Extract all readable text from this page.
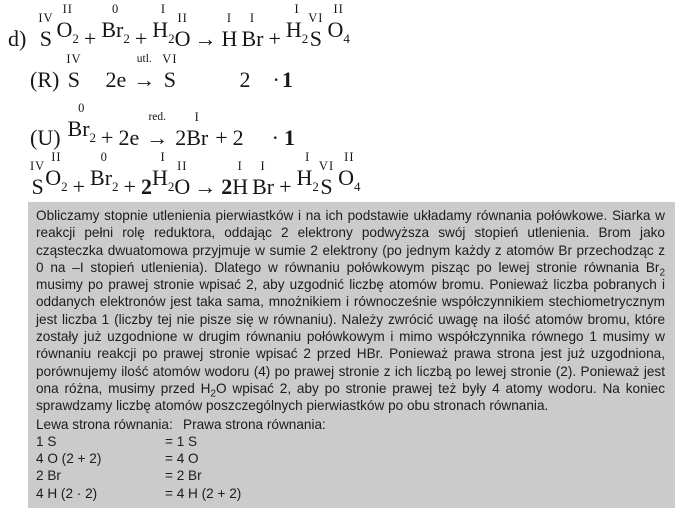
d)
IV
S
II
$O_2$
+
0
$Br_2$
+
I
$H_2$
II
O
→
I
H
I
Br
+
I
$H_2$
VI
S
II
$O_4$

(R)
IV
S
2e
utl.
→
VI
S
	2
·

1

(U)
0
$Br_2$
+
2e
red.
→
2
I
Br
+
2
·
1
IV
S
II
$O_2$
+
0
$Br_2$
+
2
I
$H_2$
II
O
→
2
I
H
I
Br
+
I
$H_2$
VI
S
II
$O_4$

Obliczamy stopnie utlenienia pierwiastków i na ich podstawie układamy równania połówkowe. Siarka w reakcji pełni rolę reduktora, oddając 2 elektrony podwyższa swój stopień utlenienia. Brom jako cząsteczka dwuatomowa przyjmuje w sumie 2 elektrony (po jednym każdy z atomów Br przechodząc z 0 na –I stopień utlenienia). Dlatego w równaniu połówkowym pisząc po lewej stronie równania $Br_2$ musimy po prawej stronie wpisać 2, aby uzgodnić liczbę atomów bromu. Ponieważ liczba pobranych i oddanych elektronów jest taka sama, mnożnikiem i równocześnie współczynnikiem stechiometrycznym jest liczba 1 (liczby tej nie pisze się w równaniu). Należy zwrócić uwagę na ilość atomów bromu, które zostały już uzgodnione w drugim równaniu połówkowym i mimo współczynnika równego 1 musimy w równaniu reakcji po prawej stronie wpisać 2 przed HBr. Ponieważ prawa strona jest już uzgodniona, porównujemy ilość atomów wodoru (4) po prawej stronie z ich liczbą po lewej stronie (2). Ponieważ jest ona różna, musimy przed $H_2O$ wpisać 2, aby po stronie prawej też były 4 atomy wodoru. Na koniec sprawdzamy liczbę atomów poszczególnych pierwiastków po obu stronach równania.

Lewa strona równania: Prawa strona równania:
1 S	= 1 S
4 O (2 + 2)	= 4 O
2 Br	= 2 Br
4 H (2 · 2)	= 4 H (2 + 2)
